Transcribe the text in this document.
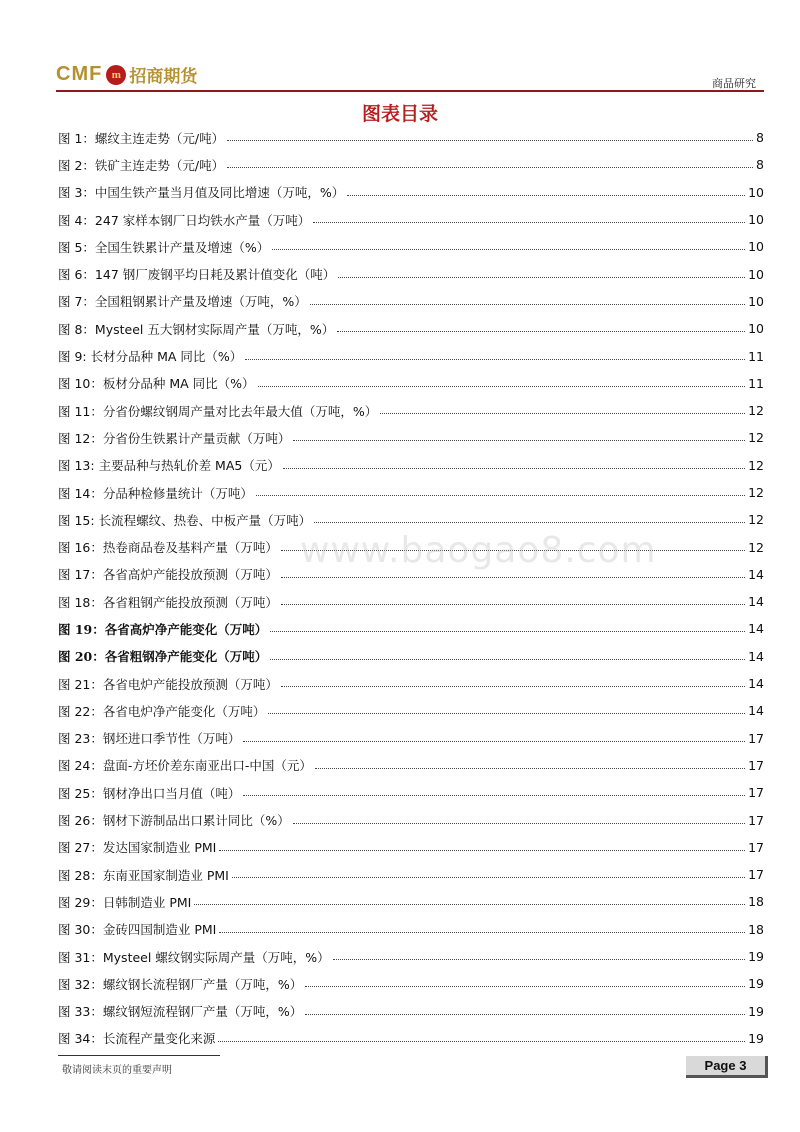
CMF m 招商期货	商品研究
图表目录
图 1：螺纹主连走势（元/吨）	8
图 2：铁矿主连走势（元/吨）	8
图 3：中国生铁产量当月值及同比增速（万吨，%）	10
图 4：247 家样本钢厂日均铁水产量（万吨）	10
图 5：全国生铁累计产量及增速（%）	10
图 6：147 钢厂废钢平均日耗及累计值变化（吨）	10
图 7：全国粗钢累计产量及增速（万吨，%）	10
图 8：Mysteel 五大钢材实际周产量（万吨，%）	10
图 9: 长材分品种 MA 同比（%）	11
图 10：板材分品种 MA 同比（%）	11
图 11：分省份螺纹钢周产量对比去年最大值（万吨，%）	12
图 12：分省份生铁累计产量贡献（万吨）	12
图 13: 主要品种与热轧价差 MA5（元）	12
图 14：分品种检修量统计（万吨）	12
图 15: 长流程螺纹、热卷、中板产量（万吨）	12
图 16：热卷商品卷及基料产量（万吨）	12
图 17：各省高炉产能投放预测（万吨）	14
图 18：各省粗钢产能投放预测（万吨）	14
图 19：各省高炉净产能变化（万吨）	14
图 20：各省粗钢净产能变化（万吨）	14
图 21：各省电炉产能投放预测（万吨）	14
图 22：各省电炉净产能变化（万吨）	14
图 23：钢坯进口季节性（万吨）	17
图 24：盘面-方坯价差东南亚出口-中国（元）	17
图 25：钢材净出口当月值（吨）	17
图 26：钢材下游制品出口累计同比（%）	17
图 27：发达国家制造业 PMI	17
图 28：东南亚国家制造业 PMI	17
图 29：日韩制造业 PMI	18
图 30：金砖四国制造业 PMI	18
图 31：Mysteel 螺纹钢实际周产量（万吨，%）	19
图 32：螺纹钢长流程钢厂产量（万吨，%）	19
图 33：螺纹钢短流程钢厂产量（万吨，%）	19
图 34：长流程产量变化来源	19
www.baogao8.com
敬请阅读末页的重要声明	Page 3
